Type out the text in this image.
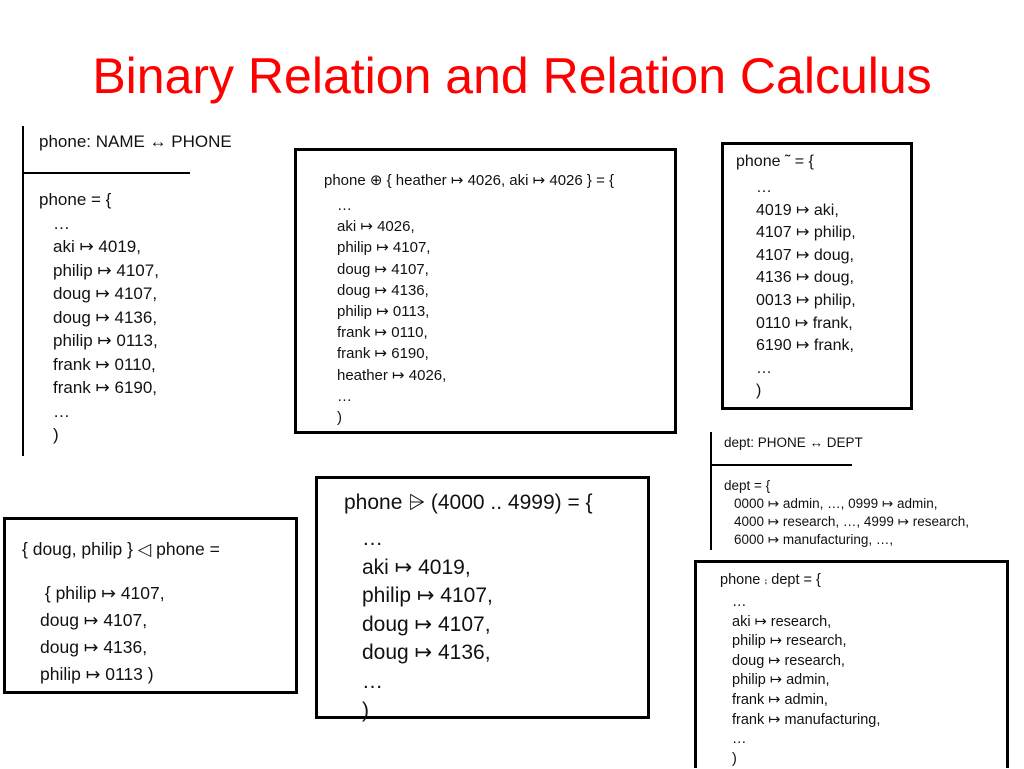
Binary Relation and Relation Calculus
phone: NAME ↔ PHONE
phone = {
…
aki ↦ 4019,
philip ↦ 4107,
doug ↦ 4107,
doug ↦ 4136,
philip ↦ 0113,
frank ↦ 0110,
frank ↦ 6190,
…
)
phone ⊕ { heather ↦ 4026, aki ↦ 4026 } = {
…
aki ↦ 4026,
philip ↦ 4107,
doug ↦ 4107,
doug ↦ 4136,
philip ↦ 0113,
frank ↦ 0110,
frank ↦ 6190,
heather ↦ 4026,
…
)
phone ˜ = {
…
4019 ↦ aki,
4107 ↦ philip,
4107 ↦ doug,
4136 ↦ doug,
0013 ↦ philip,
0110 ↦ frank,
6190 ↦ frank,
…
)
dept: PHONE ↔ DEPT
dept = {
0000 ↦ admin, …, 0999 ↦ admin,
4000 ↦ research, …, 4999 ↦ research,
6000 ↦ manufacturing, …,
{ doug, philip } ◁ phone =
{ philip ↦ 4107,
doug ↦ 4107,
doug ↦ 4136,
philip ↦ 0113 )
phone ⩥ (4000 .. 4999) = {
…
aki ↦ 4019,
philip ↦ 4107,
doug ↦ 4107,
doug ↦ 4136,
…
)
phone ⨾ dept = {
…
aki ↦ research,
philip ↦ research,
doug ↦ research,
philip ↦ admin,
frank ↦ admin,
frank ↦ manufacturing,
…
)
